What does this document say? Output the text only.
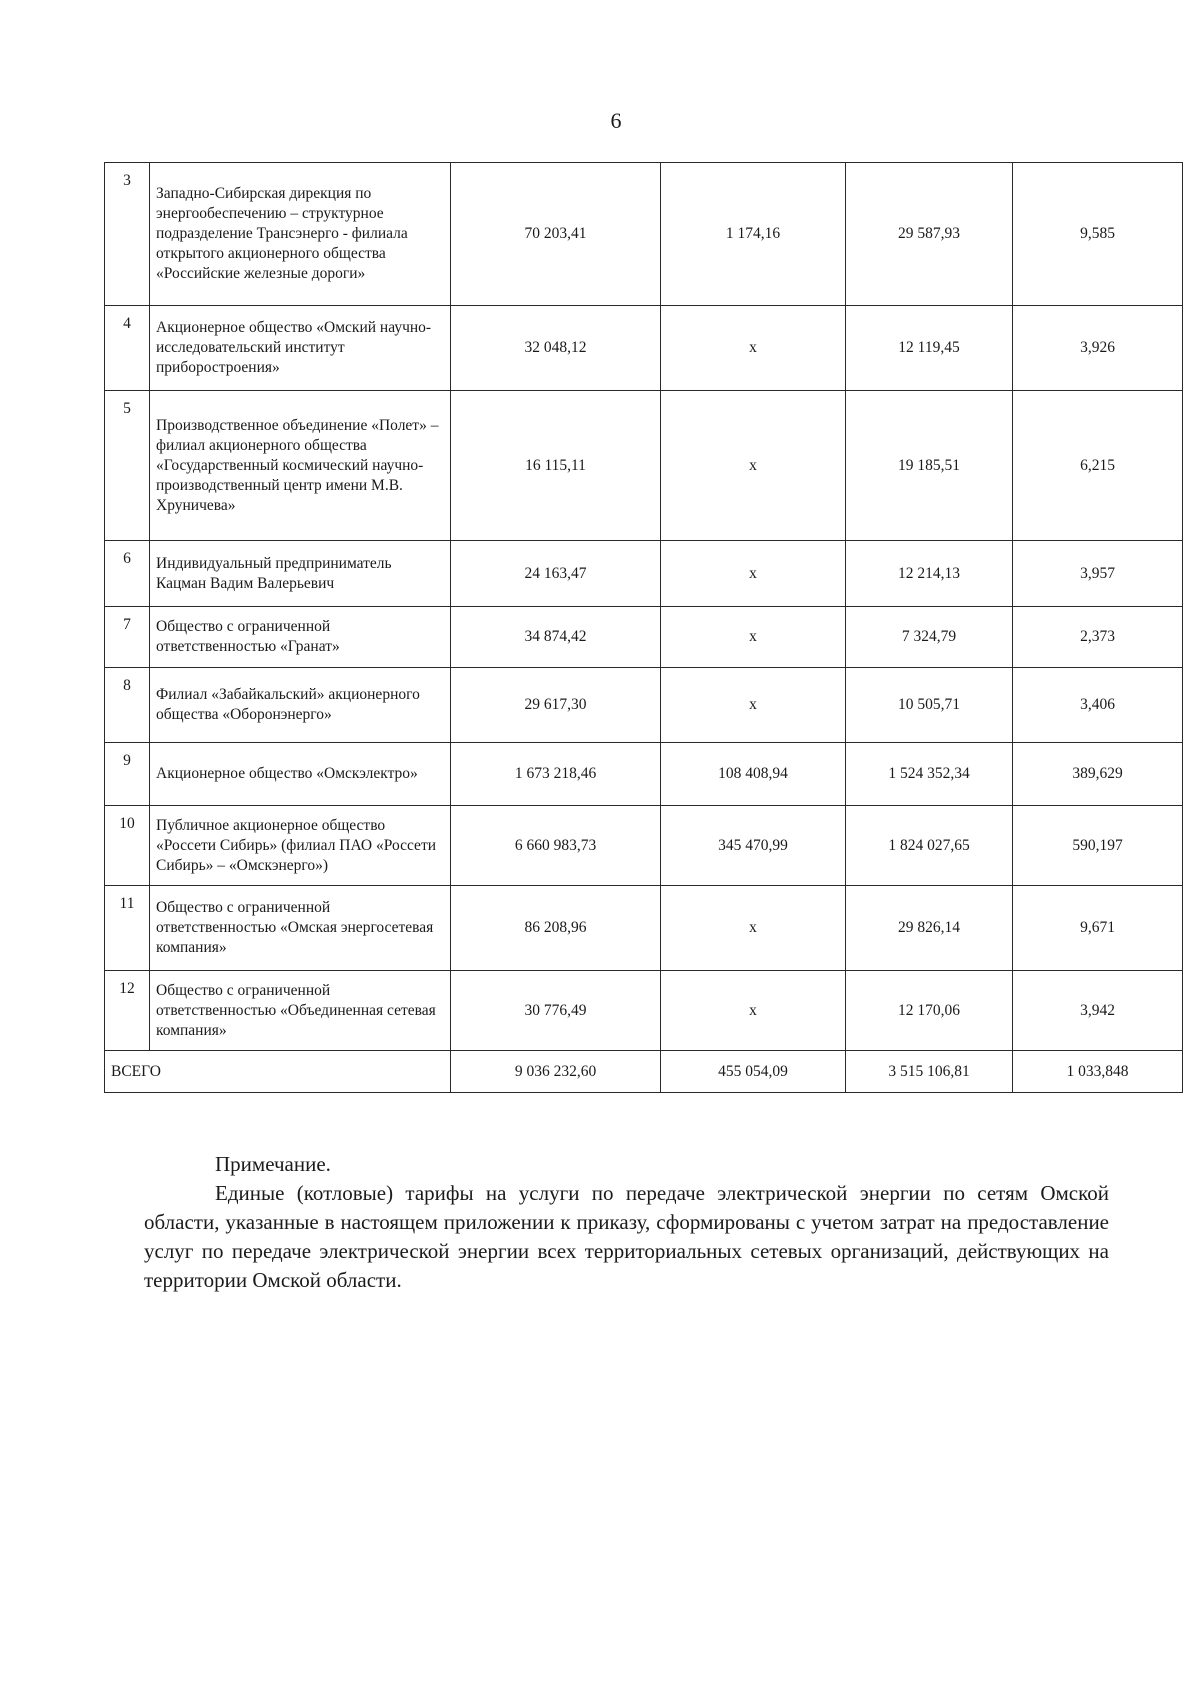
6
3	Западно-Сибирская дирекция по энергообеспечению – структурное подразделение Трансэнерго - филиала открытого акционерного общества «Российские железные дороги»	70 203,41	1 174,16	29 587,93	9,585
4	Акционерное общество «Омский научно-исследовательский институт приборостроения»	32 048,12	х	12 119,45	3,926
5	Производственное объединение «Полет» – филиал акционерного общества «Государственный космический научно-производственный центр имени М.В. Хруничева»	16 115,11	х	19 185,51	6,215
6	Индивидуальный предприниматель Кацман Вадим Валерьевич	24 163,47	х	12 214,13	3,957
7	Общество с ограниченной ответственностью «Гранат»	34 874,42	х	7 324,79	2,373
8	Филиал «Забайкальский» акционерного общества «Оборонэнерго»	29 617,30	х	10 505,71	3,406
9	Акционерное общество «Омскэлектро»	1 673 218,46	108 408,94	1 524 352,34	389,629
10	Публичное акционерное общество «Россети Сибирь» (филиал ПАО «Россети Сибирь» – «Омскэнерго»)	6 660 983,73	345 470,99	1 824 027,65	590,197
11	Общество с ограниченной ответственностью «Омская энергосетевая компания»	86 208,96	х	29 826,14	9,671
12	Общество с ограниченной ответственностью «Объединенная сетевая компания»	30 776,49	х	12 170,06	3,942
ВСЕГО		9 036 232,60	455 054,09	3 515 106,81	1 033,848
Примечание.
Единые (котловые) тарифы на услуги по передаче электрической энергии по сетям Омской области, указанные в настоящем приложении к приказу, сформированы с учетом затрат на предоставление услуг по передаче электрической энергии всех территориальных сетевых организаций, действующих на территории Омской области.
